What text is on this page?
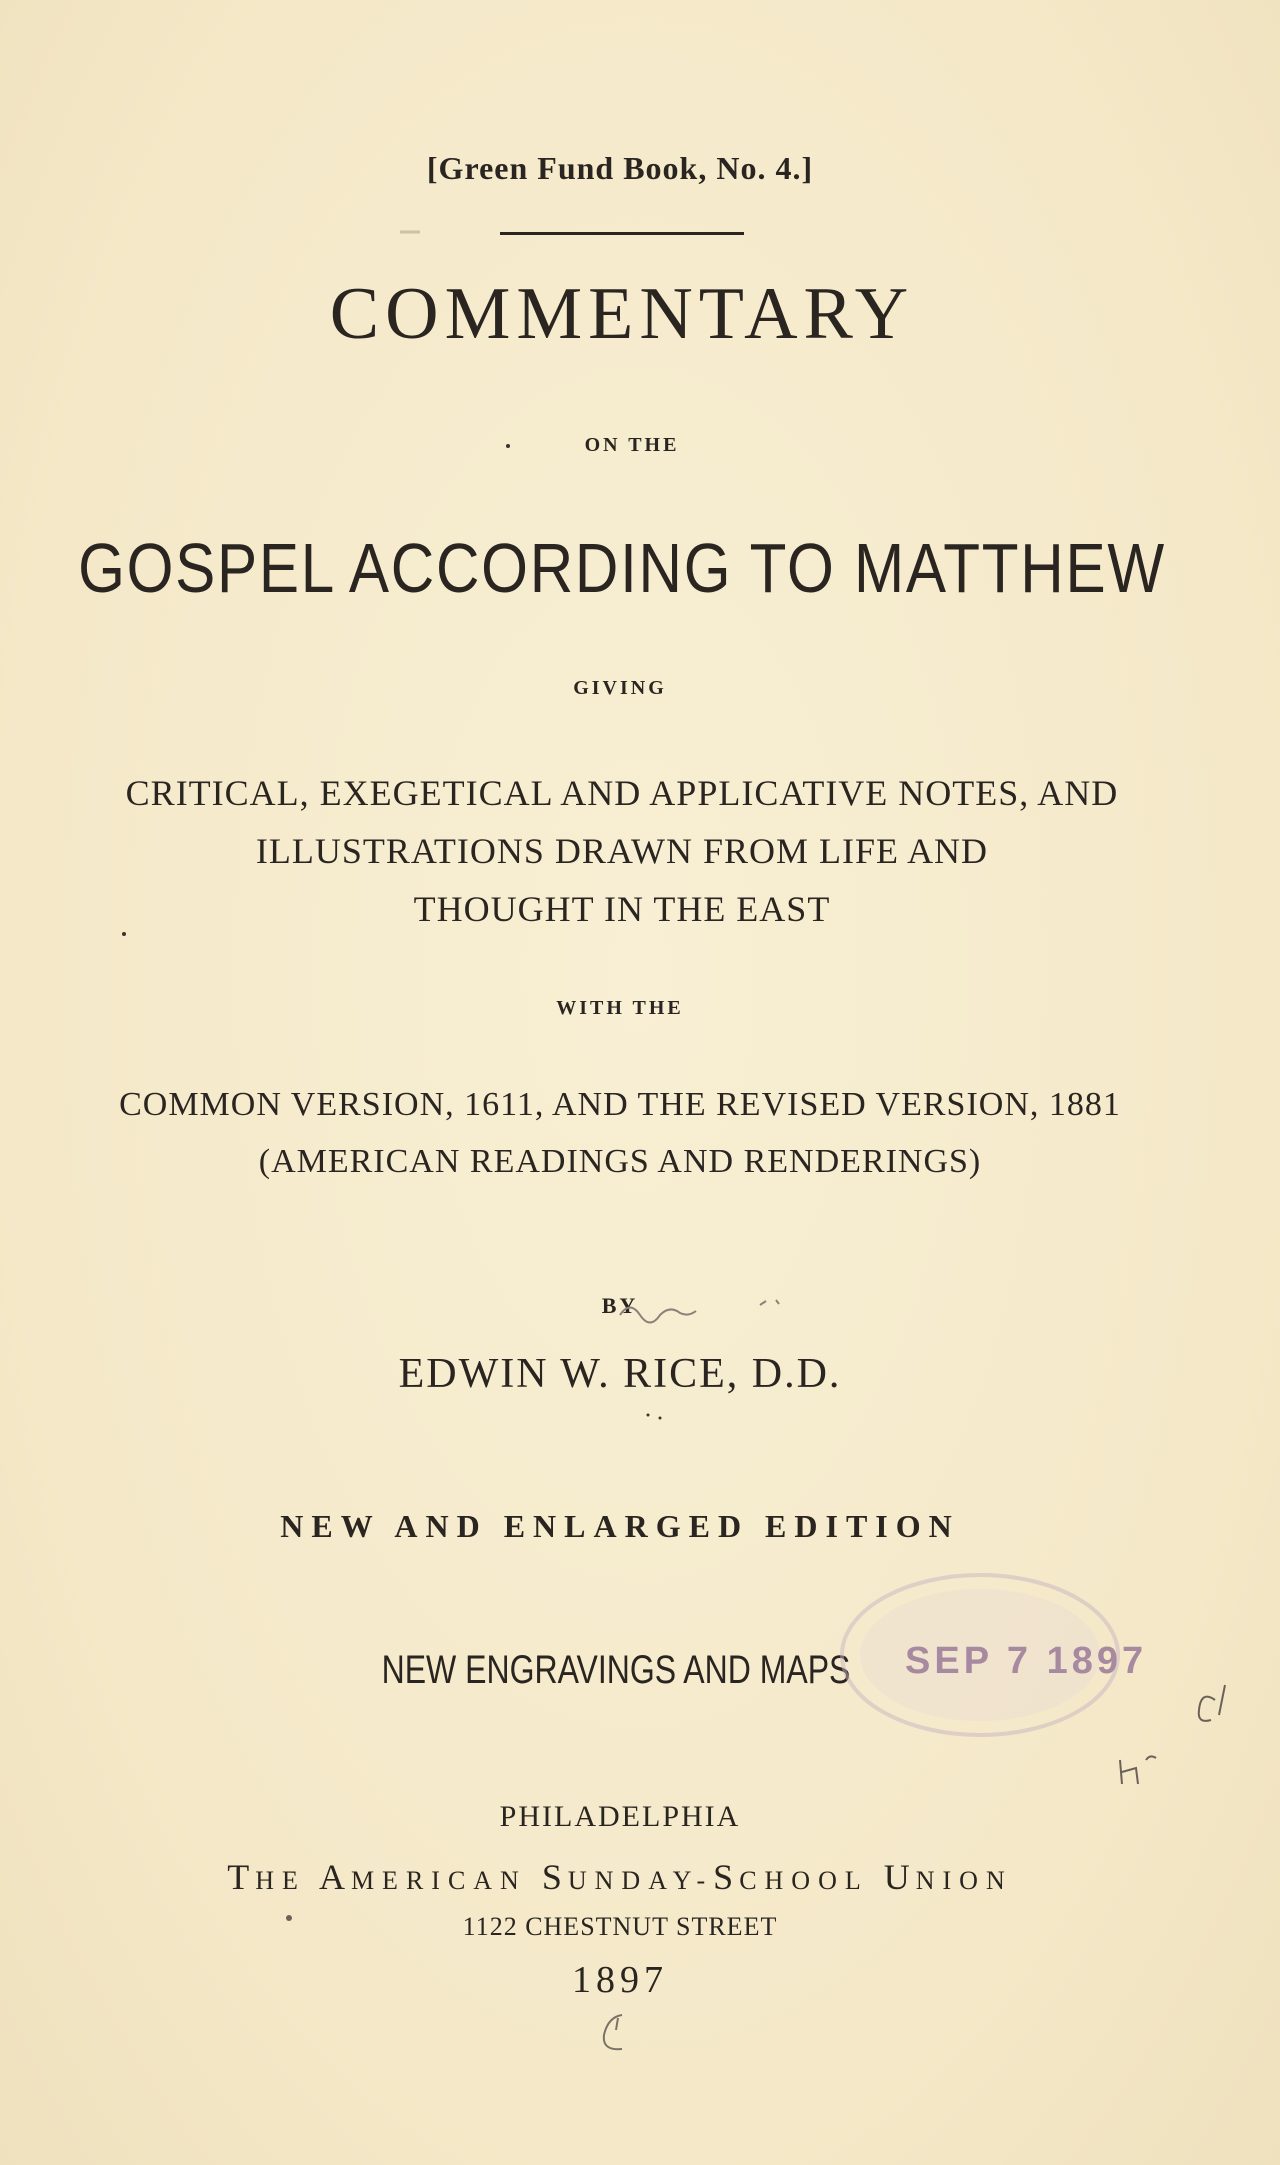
[Green Fund Book, No. 4.]
COMMENTARY
ON THE
GOSPEL ACCORDING TO MATTHEW
GIVING
CRITICAL, EXEGETICAL AND APPLICATIVE NOTES, AND
ILLUSTRATIONS DRAWN FROM LIFE AND
THOUGHT IN THE EAST
WITH THE
COMMON VERSION, 1611, AND THE REVISED VERSION, 1881
(AMERICAN READINGS AND RENDERINGS)
BY
EDWIN W. RICE, D.D.
NEW AND ENLARGED EDITION
NEW ENGRAVINGS AND MAPS
PHILADELPHIA
THE AMERICAN SUNDAY-SCHOOL UNION
1122 CHESTNUT STREET
1897
SEP 7 1897
